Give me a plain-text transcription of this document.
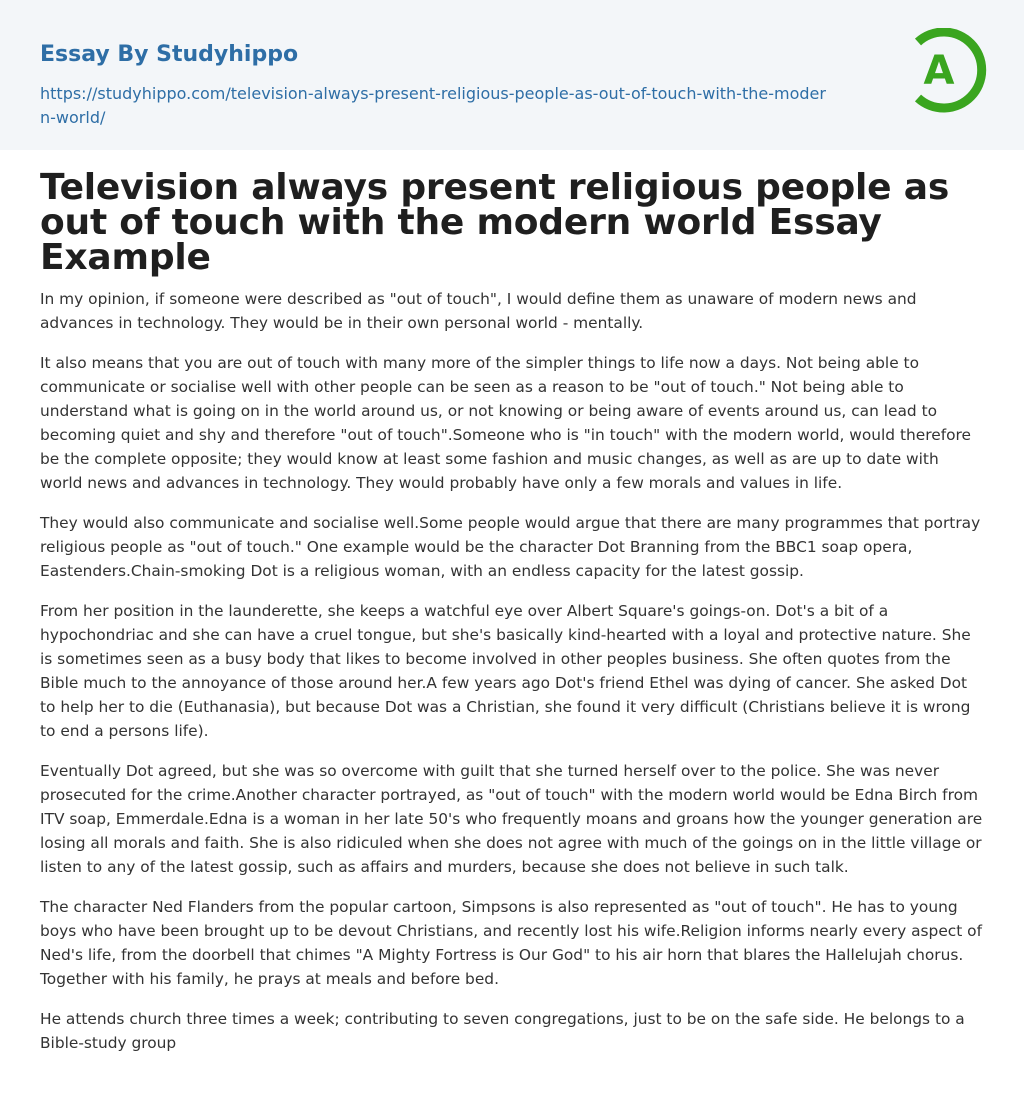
Essay By Studyhippo
https://studyhippo.com/television-always-present-religious-people-as-out-of-touch-with-the-modern-world/
A
Television always present religious people as out of touch with the modern world Essay Example

In my opinion, if someone were described as "out of touch", I would define them as unaware of modern news and advances in technology. They would be in their own personal world - mentally.

It also means that you are out of touch with many more of the simpler things to life now a days. Not being able to communicate or socialise well with other people can be seen as a reason to be "out of touch." Not being able to understand what is going on in the world around us, or not knowing or being aware of events around us, can lead to becoming quiet and shy and therefore "out of touch".Someone who is "in touch" with the modern world, would therefore be the complete opposite; they would know at least some fashion and music changes, as well as are up to date with world news and advances in technology. They would probably have only a few morals and values in life.

They would also communicate and socialise well.Some people would argue that there are many programmes that portray religious people as "out of touch." One example would be the character Dot Branning from the BBC1 soap opera, Eastenders.Chain-smoking Dot is a religious woman, with an endless capacity for the latest gossip.

From her position in the launderette, she keeps a watchful eye over Albert Square's goings-on. Dot's a bit of a hypochondriac and she can have a cruel tongue, but she's basically kind-hearted with a loyal and protective nature. She is sometimes seen as a busy body that likes to become involved in other peoples business. She often quotes from the Bible much to the annoyance of those around her.A few years ago Dot's friend Ethel was dying of cancer. She asked Dot to help her to die (Euthanasia), but because Dot was a Christian, she found it very difficult (Christians believe it is wrong to end a persons life).

Eventually Dot agreed, but she was so overcome with guilt that she turned herself over to the police. She was never prosecuted for the crime.Another character portrayed, as "out of touch" with the modern world would be Edna Birch from ITV soap, Emmerdale.Edna is a woman in her late 50's who frequently moans and groans how the younger generation are losing all morals and faith. She is also ridiculed when she does not agree with much of the goings on in the little village or listen to any of the latest gossip, such as affairs and murders, because she does not believe in such talk.

The character Ned Flanders from the popular cartoon, Simpsons is also represented as "out of touch". He has to young boys who have been brought up to be devout Christians, and recently lost his wife.Religion informs nearly every aspect of Ned's life, from the doorbell that chimes "A Mighty Fortress is Our God" to his air horn that blares the Hallelujah chorus. Together with his family, he prays at meals and before bed.

He attends church three times a week; contributing to seven congregations, just to be on the safe side. He belongs to a Bible-study group
